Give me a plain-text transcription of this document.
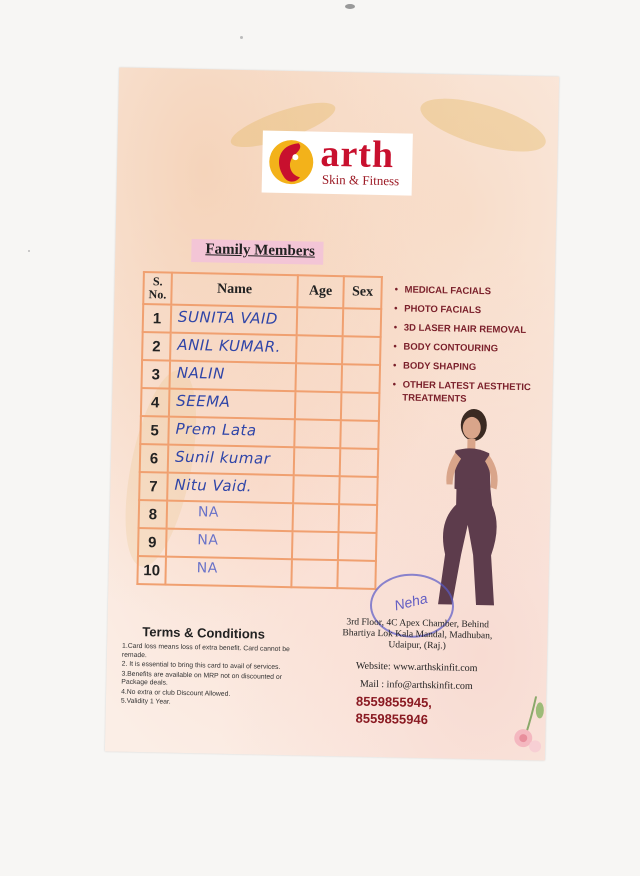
arth
Skin & Fitness
Family Members
S. No.	Name	Age	Sex
1	SUNITA VAID		

2	ANIL KUMAR.		

3	NALIN		

4	SEEMA		

5	Prem Lata		

6	Sunil kumar		

7	Nitu Vaid.		

8	NA		

9	NA		

10	NA		

• MEDICAL FACIALS
• PHOTO FACIALS
• 3D LASER HAIR REMOVAL
• BODY CONTOURING
• BODY SHAPING
• OTHER LATEST AESTHETIC TREATMENTS
Neha
Terms & Conditions
1.Card loss means loss of extra benefit. Card cannot be remade.
2. It is essential to bring this card to avail of services.
3.Benefits are available on MRP not on discounted or Package deals.
4.No extra or club Discount Allowed.
5.Validity 1 Year.
3rd Floor, 4C Apex Chamber, Behind Bhartiya Lok Kala Mandal, Madhuban, Udaipur, (Raj.)
Website: www.arthskinfit.com
Mail : info@arthskinfit.com
8559855945,
8559855946
